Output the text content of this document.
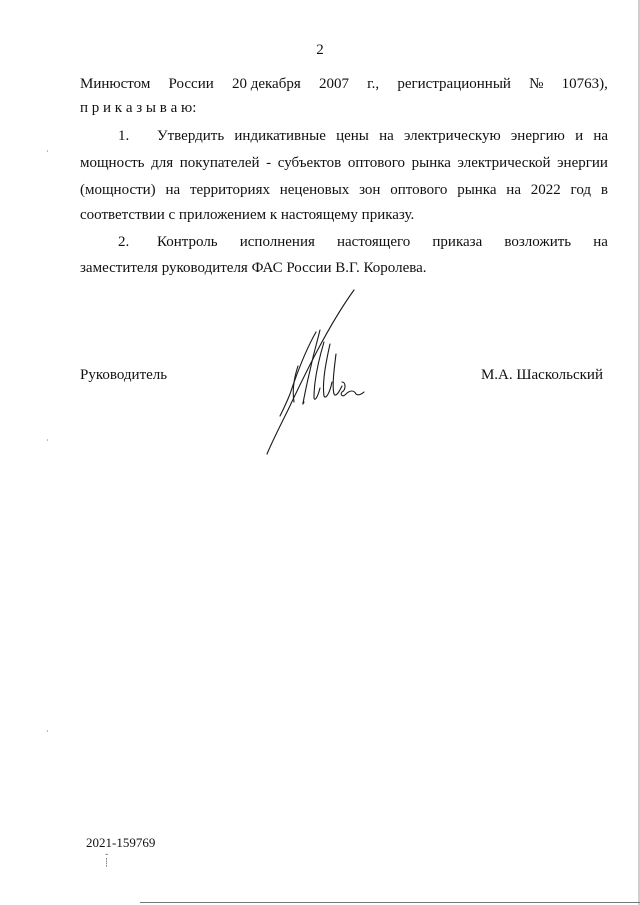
2
Минюстом России 20 декабря 2007 г., регистрационный № 10763),
п р и к а з ы в а ю:
1. Утвердить индикативные цены на электрическую энергию и на
мощность для покупателей - субъектов оптового рынка электрической энергии
(мощности) на территориях неценовых зон оптового рынка на 2022 год в
соответствии с приложением к настоящему приказу.
2. Контроль исполнения настоящего приказа возложить на
заместителя руководителя ФАС России В.Г. Королева.
Руководитель	М.А. Шаскольский
2021-159769
╶
┊
·
·
·
